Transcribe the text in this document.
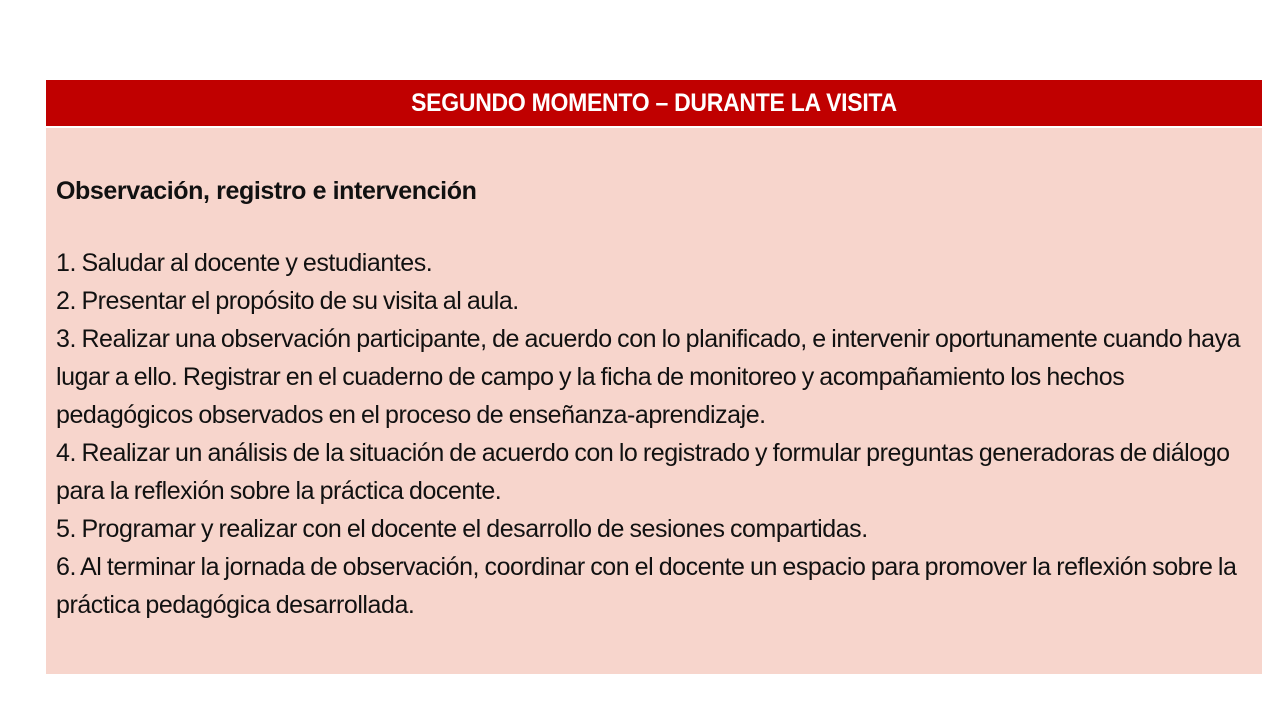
SEGUNDO MOMENTO – DURANTE LA VISITA

Observación, registro e intervención

1. Saludar al docente y estudiantes.
2. Presentar el propósito de su visita al aula.
3. Realizar una observación participante, de acuerdo con lo planificado, e intervenir oportunamente cuando haya lugar a ello. Registrar en el cuaderno de campo y la ficha de monitoreo y acompañamiento los hechos pedagógicos observados en el proceso de enseñanza-aprendizaje.
4. Realizar un análisis de la situación de acuerdo con lo registrado y formular preguntas generadoras de diálogo para la reflexión sobre la práctica docente.
5. Programar y realizar con el docente el desarrollo de sesiones compartidas.
6. Al terminar la jornada de observación, coordinar con el docente un espacio para promover la reflexión sobre la práctica pedagógica desarrollada.
